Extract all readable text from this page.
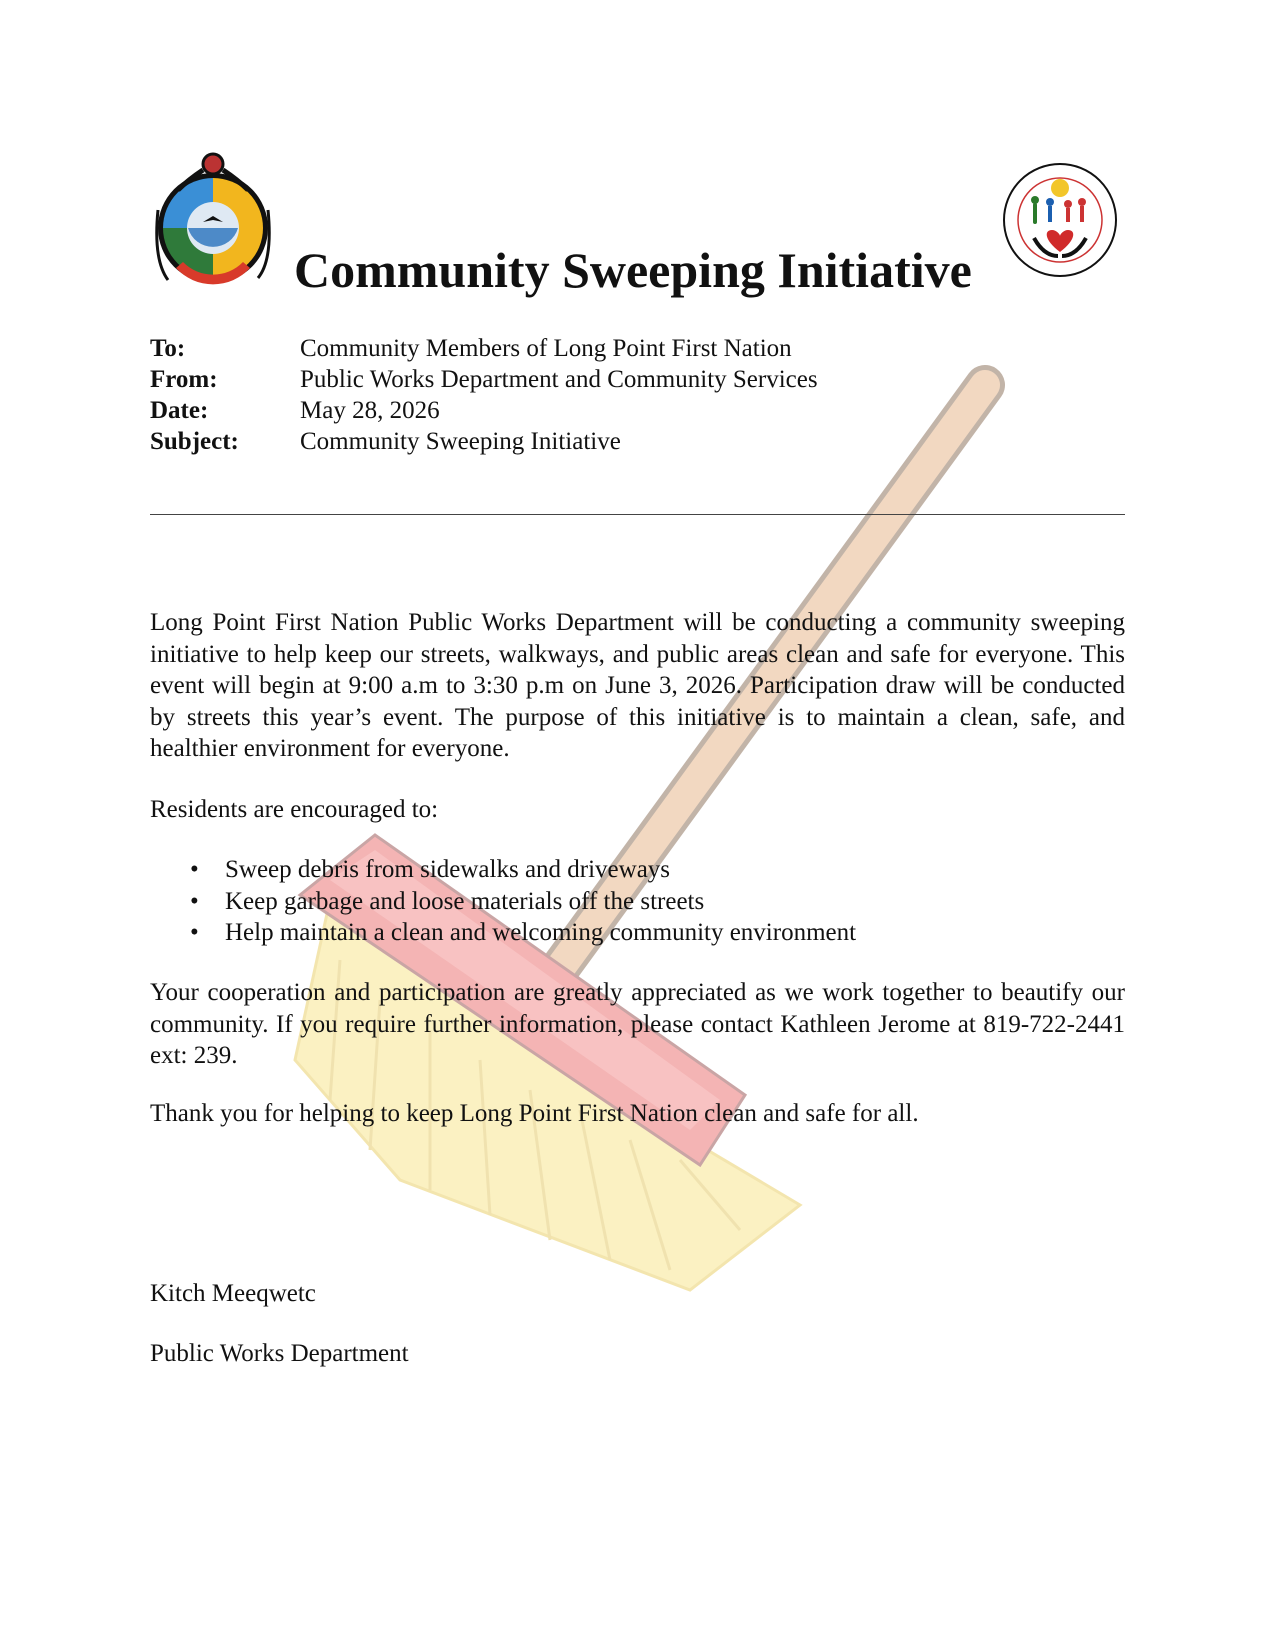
Community Sweeping Initiative
To:	Community Members of Long Point First Nation
From:	Public Works Department and Community Services
Date:	May 28, 2026
Subject:	Community Sweeping Initiative

Long Point First Nation Public Works Department will be conducting a community sweeping initiative to help keep our streets, walkways, and public areas clean and safe for everyone. This event will begin at 9:00 a.m to 3:30 p.m on June 3, 2026. Participation draw will be conducted by streets this year’s event. The purpose of this initiative is to maintain a clean, safe, and healthier environment for everyone.

Residents are encouraged to:

• Sweep debris from sidewalks and driveways
• Keep garbage and loose materials off the streets
• Help maintain a clean and welcoming community environment

Your cooperation and participation are greatly appreciated as we work together to beautify our community. If you require further information, please contact Kathleen Jerome at 819-722-2441 ext: 239.

Thank you for helping to keep Long Point First Nation clean and safe for all.

Kitch Meeqwetc

Public Works Department
